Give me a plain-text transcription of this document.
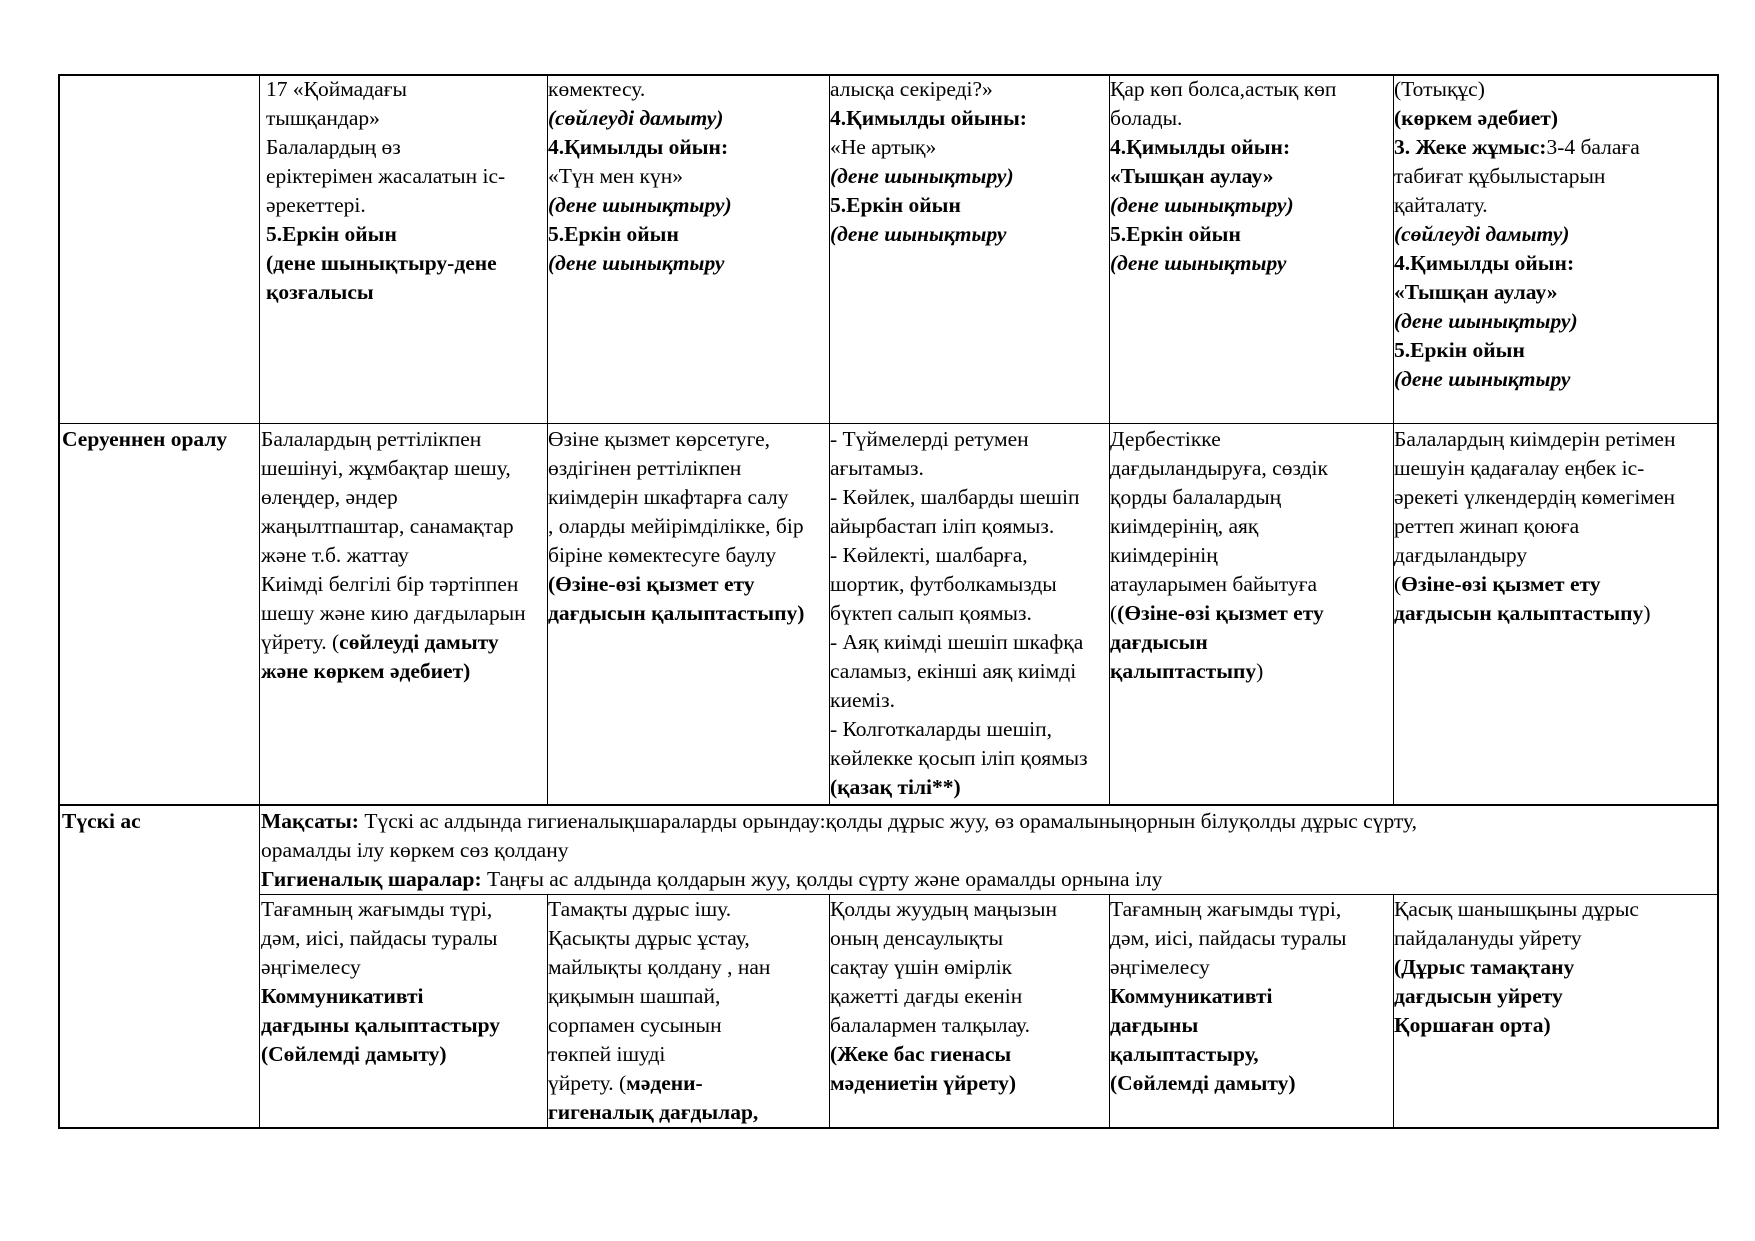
17 «Қоймадағы
тышқандар»
Балалардың өз
еріктерімен жасалатын іс-
әрекеттері.
5.Еркін ойын
(дене шынықтыру-дене
қозғалысы
көмектесу.
(сөйлеуді дамыту)
4.Қимылды ойын:
«Түн мен күн»
(дене шынықтыру)
5.Еркін ойын
(дене шынықтыру
алысқа секіреді?»
4.Қимылды ойыны:
«Не артық»
(дене шынықтыру)
5.Еркін ойын
(дене шынықтыру
Қар көп болса,астық көп
болады.
4.Қимылды ойын:
«Тышқан аулау»
(дене шынықтыру)
5.Еркін ойын
(дене шынықтыру
(Тотықұс)
(көркем әдебиет)
3. Жеке жұмыс:3-4 балаға
табиғат құбылыстарын
қайталату.
(сөйлеуді дамыту)
4.Қимылды ойын:
«Тышқан аулау»
(дене шынықтыру)
5.Еркін ойын
(дене шынықтыру
Серуеннен оралу	Балалардың реттілікпен
шешінуі, жұмбақтар шешу,
өлеңдер, әндер
жаңылтпаштар, санамақтар
және т.б. жаттау
Киімді белгілі бір тәртіппен
шешу және кию дағдыларын
үйрету. (сөйлеуді дамыту
және көркем әдебиет)
Өзіне қызмет көрсетуге,
өздігінен реттілікпен
киімдерін шкафтарға салу
, оларды мейірімділікке, бір
біріне көмектесуге баулу
(Өзіне-өзі қызмет ету
дағдысын қалыптастыпу)
- Түймелерді ретумен
ағытамыз.
- Көйлек, шалбарды шешіп
айырбастап іліп қоямыз.
- Көйлекті, шалбарға,
шортик, футболкамызды
бүктеп салып қоямыз.
- Аяқ киімді шешіп шкафқа
саламыз, екінші аяқ киімді
киеміз.
- Колготкаларды шешіп,
көйлекке қосып іліп қоямыз
(қазақ тілі**)
Дербестікке
дағдыландыруға, сөздік
қорды балалардың
киімдерінің, аяқ
киімдерінің
атауларымен байытуға
((Өзіне-өзі қызмет ету
дағдысын
қалыптастыпу)
Балалардың киімдерін ретімен
шешуін қадағалау еңбек іс-
әрекеті үлкендердің көмегімен
реттеп жинап қоюға
дағдыландыру
(Өзіне-өзі қызмет ету
дағдысын қалыптастыпу)
Түскі ас	Мақсаты: Түскі ас алдында гигиеналықшараларды орындау:қолды дұрыс жуу, өз орамалыныңорнын білуқолды дұрыс сүрту,
орамалды ілу көркем сөз қолдану
Гигиеналық шаралар: Таңғы ас алдында қолдарын жуу, қолды сүрту және орамалды орнына ілу
Тағамның жағымды түрі,
дәм, иісі, пайдасы туралы
әңгімелесу
Коммуникативті
дағдыны қалыптастыру
(Сөйлемді дамыту)
Тамақты дұрыс ішу.
Қасықты дұрыс ұстау,
майлықты қолдану , нан
қиқымын шашпай,
сорпамен сусынын
төкпей ішуді
үйрету. (мәдени-
гигеналық дағдылар,
Қолды жуудың маңызын
оның денсаулықты
сақтау үшін өмірлік
қажетті дағды екенін
балалармен талқылау.
(Жеке бас гиенасы
мәдениетін үйрету)
Тағамның жағымды түрі,
дәм, иісі, пайдасы туралы
әңгімелесу
Коммуникативті
дағдыны
қалыптастыру,
(Сөйлемді дамыту)
Қасық шанышқыны дұрыс
пайдалануды уйрету
(Дұрыс тамақтану
дағдысын уйрету
Қоршаған орта)
